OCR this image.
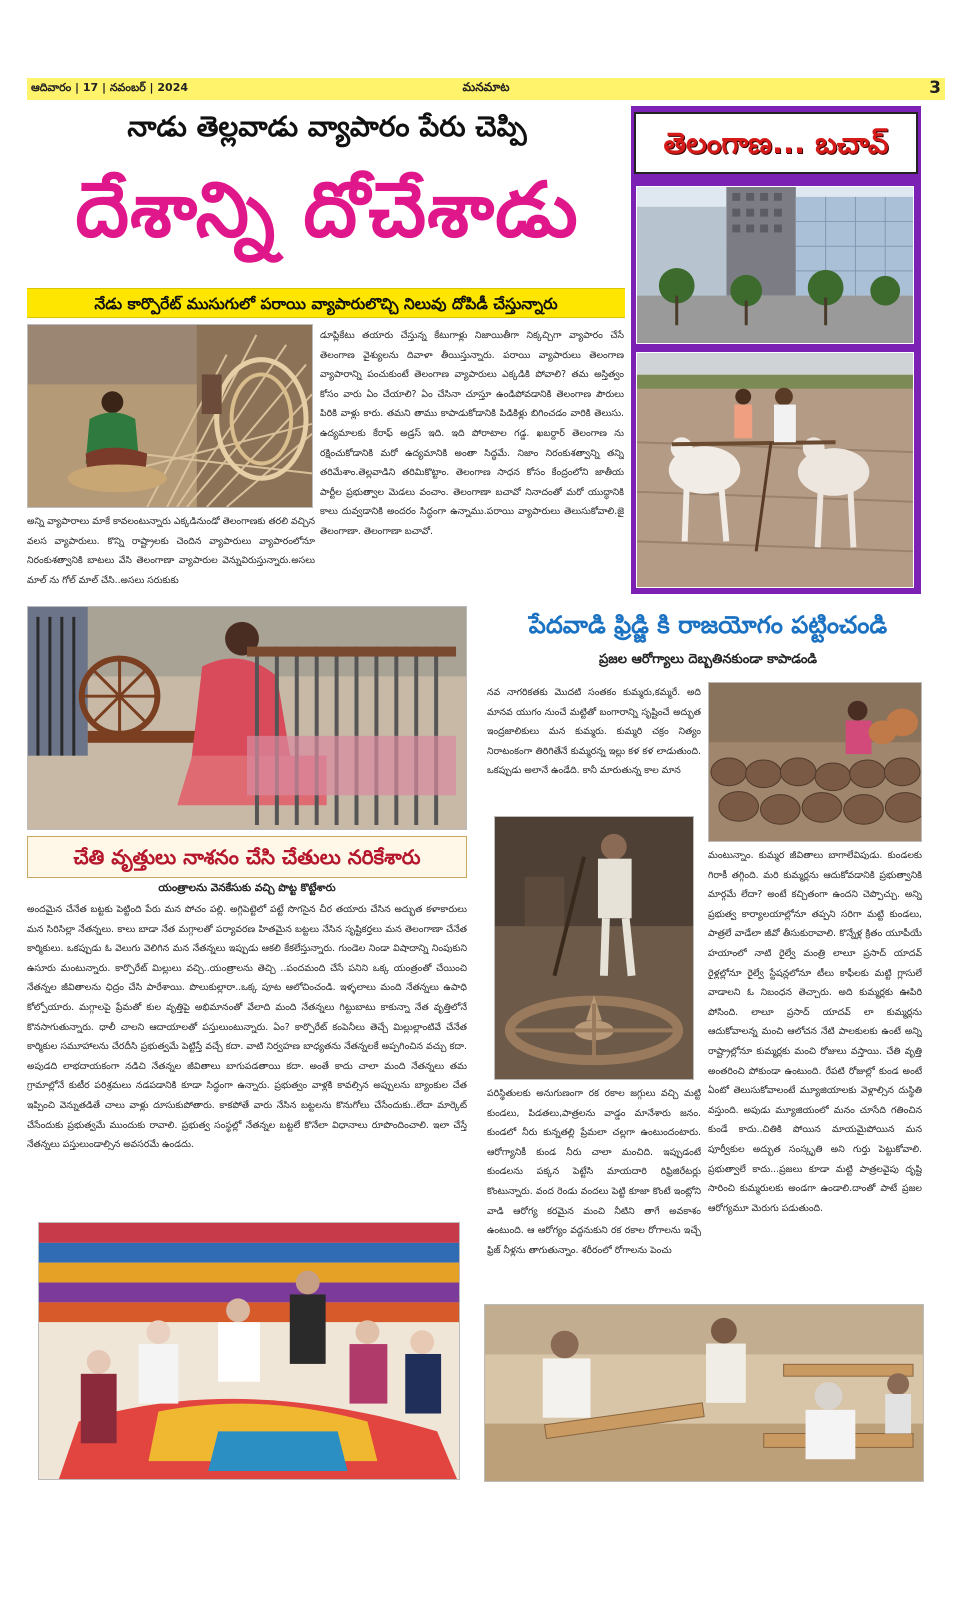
ఆదివారం | 17 | నవంబర్ | 2024	మనమాట	3
నాడు తెల్లవాడు వ్యాపారం పేరు చెప్పి
దేశాన్ని దోచేశాడు
నేడు కార్పొరేట్ ముసుగులో పరాయి వ్యాపారులొచ్చి నిలువు దోపిడీ చేస్తున్నారు

అన్ని వ్యాపారాలు మాకే కావలంటున్నారు ఎక్కడినుండో తెలంగాణకు తరలి వచ్చిన వలస వ్యాపారులు. కొన్ని రాష్ట్రాలకు చెందిన వ్యాపారులు వ్యాపారంలోనూ నిరంకుశత్వానికి బాటలు వేసి తెలంగాణా వ్యాపారుల వెన్నువిరుస్తున్నారు.అసలు మాల్ ను గోల్ మాల్ చేసి..అసలు సరుకుకు

డూప్లికేటు తయారు చేస్తున్న కేటుగాళ్లు నిజాయితీగా నిక్కచ్చిగా వ్యాపారం చేసే తెలంగాణ వైశ్యులను దివాళా తీయిస్తున్నారు. పరాయి వ్యాపారులు తెలంగాణ వ్యాపారాన్ని పంచుకుంటే తెలంగాణ వ్యాపారులు ఎక్కడికి పోవాలి? తమ అస్తిత్వం కోసం వారు ఏం చేయాలి? ఏం చేసినా చూస్తూ ఉండిపోవడానికి తెలంగాణ పౌరులు పిరికి వాళ్లు కారు. తమని తాము కాపాడుకోడానికి పిడికిళ్లు బిగించడం వారికి తెలుసు. ఉద్యమాలకు కేరాఫ్ అడ్రస్ ఇది. ఇది పోరాటాల గడ్డ. ఖబర్దార్ తెలంగాణ ను రక్షించుకోడానికి మరో ఉద్యమానికి అంతా సిద్ధమే. నిజాం నిరంకుశత్వాన్ని తన్ని తరిమేశాం.తెల్లవాడిని తరిమికొట్టాం. తెలంగాణ సాధన కోసం కేంద్రంలోని జాతీయ పార్టీల ప్రభుత్వాల మెడలు వంచాం. తెలంగాణా బచావో నినాదంతో మరో యుద్ధానికి కాలు దువ్వడానికి అందరం సిద్ధంగా ఉన్నాము.పరాయి వ్యాపారులు తెలుసుకోవాలి.జై తెలంగాణా. తెలంగాణా బచావో.

తెలంగాణ... బచావ్
చేతి వృత్తులు నాశనం చేసి చేతులు నరికేశారు
యంత్రాలను వెనకేసుకు వచ్చి పొట్ట కొట్టేశారు

అందమైన చేనేత బట్టకు పెట్టింది పేరు మన పోచం పల్లి. అగ్గిపెట్టెలో పట్టే సొగసైన చీర తయారు చేసిన అద్భుత కళాకారులు మన సిరిసిల్లా నేతన్నలు. కాలు బాడా నేత మగ్గాలతో పర్యావరణ హితమైన బట్టలు నేసిన సృష్టికర్తలు మన తెలంగాణా చేనేత కార్మికులు. ఒకప్పుడు ఓ వెలుగు వెలిగిన మన నేతన్నలు ఇప్పుడు ఆకలి కేకలేస్తున్నారు. గుండెల నిండా విషాదాన్ని నింపుకుని ఉసూరు మంటున్నారు. కార్పొరేట్ మిల్లులు వచ్చి..యంత్రాలను తెచ్చి ..పందమంది చేసే పనిని ఒక్క యంత్రంతో చేయించి నేతన్నల జీవితాలను ఛిద్రం చేసి పారేశాయి. పొలుకుల్లారా..ఒక్క పూట ఆలోచించండి. ఇళ్ళలాలు మంది నేతన్నలు ఉపాధి కోల్పోయారు. మగ్గాలపై ప్రేమతో కుల వృత్తిపై అభిమానంతో వేలాది మంది నేతన్నలు గిట్టుబాటు కాకున్నా నేత వృత్తిలోనే కొనసాగుతున్నారు. ధాలీ చాలని ఆదాయాలతో పస్తులుంటున్నారు. ఏం? కార్పొరేట్ కంపెనీలు తెచ్చే మిల్లుల్లాంటివే చేనేత కార్మికుల సమూహాలను చేరదీసి ప్రభుత్వమే పెట్టిస్తే వచ్చే కదా. వాటి నిర్వహణ బాధ్యతను నేతన్నలకే అప్పగించిన వచ్చు కదా. అపుడది లాభదాయకంగా నడిచి నేతన్నల జీవితాలు బాగుపడతాయి కదా. అంతే కాదు చాలా మంది నేతన్నలు తమ గ్రామాల్లోనే కుటీర పరిశ్రమలు నడపడానికి కూడా సిద్ధంగా ఉన్నారు. ప్రభుత్వం వాళ్లకి కావల్సిన అప్పులను బ్యాంకుల చేత ఇప్పించి వెన్నుతడితే చాలు వాళ్లు దూసుకుపోతారు. కాకపోతే వారు నేసిన బట్టలను కొనుగోలు చేసేందుకు..లేదా మార్కెట్ చేసేందుకు ప్రభుత్వమే ముందుకు రావాలి. ప్రభుత్వ సంస్థల్లో నేతన్నల బట్టలే కొనేలా విధానాలు రూపొందించాలి. ఇలా చేస్తే నేతన్నలు పస్తులుండాల్సిన అవసరమే ఉండదు.

పేదవాడి ఫ్రిడ్జి కి రాజయోగం పట్టించండి
ప్రజల ఆరోగ్యాలు దెబ్బతినకుండా కాపాడండి

నవ నాగరికతకు మొదటి సంతకం కుమ్మరు,కమ్మరే. అది మానవ యుగం నుంచే మట్టితో బంగారాన్ని సృష్టించే అద్భుత ఇంద్రజాలికులు మన కుమ్మరు. కుమ్మరి చక్రం నిత్యం నిరాటంకంగా తిరిగితేనే కుమ్మరన్న ఇల్లు కళ కళ లాడుతుంది. ఒకప్పుడు అలానే ఉండేది. కానీ మారుతున్న కాల మాన

మంటున్నాం. కుమ్మర జీవితాలు బాగాలేవిపుడు. కుండలకు గిరాకీ తగ్గింది. మరి కుమ్మర్లను ఆదుకోవడానికి ప్రభుత్వానికి మార్గమే లేదా? అంటే కచ్చితంగా ఉందని చెప్పొచ్చు. అన్ని ప్రభుత్వ కార్యాలయాల్లోనూ తప్పని సరిగా మట్టి కుండలు, పాత్రలే వాడేలా జీవో తీసుకురావాలి. కొన్నేళ్ల క్రితం యూపీయే హయాంలో నాటి రైల్వే మంత్రి లాలూ ప్రసాద్ యాదవ్ రైళ్లల్లోనూ రైల్వే స్టేషన్లలోనూ టీలు కాఫీలకు మట్టి గ్లాసులే వాడాలని ఓ నిబంధన తెచ్చారు. అది కుమ్మర్లకు ఊపిరి పోసింది. లాలూ ప్రసాద్ యాదవ్ లా కుమ్మర్లను ఆదుకోవాలన్న మంచి ఆలోచన నేటి పాలకులకు ఉంటే అన్ని రాష్ట్రాల్లోనూ కుమ్మర్లకు మంచి రోజులు వస్తాయి. చేతి వృత్తి అంతరించి పోకుండా ఉంటుంది. రేపటి రోజుల్లో కుండ అంటే ఏంటో తెలుసుకోవాలంటే మ్యూజియాలకు వెళ్లాల్సిన దుస్థితి వస్తుంది. అపుడు మ్యూజియంలో మనం చూసేది గతించిన కుండే కాదు..చితికి పోయిన మాయమైపోయిన మన పూర్వీకుల అద్భుత సంస్కృతి అని గుర్తు పెట్టుకోవాలి. ప్రభుత్వాలే కాదు...ప్రజలు కూడా మట్టి పాత్రలవైపు దృష్టి సారించి కుమ్మరులకు అండగా ఉండాలి.దాంతో పాటే ప్రజల ఆరోగ్యమూ మెరుగు పడుతుంది.

పరిస్థితులకు అనుగుణంగా రక రకాల జగ్గులు వచ్చి మట్టి కుండలు, పిడతలు,పాత్రలను వాడ్డం మానేశారు జనం. కుండలో నీరు కున్నతల్లి ప్రేమలా చల్లగా ఉంటుందంటారు. ఆరోగ్యానికీ కుండ నీరు చాలా మంచిది. ఇప్పుడంటే కుండలను పక్కన పెట్టేసి మాయదారి రిఫ్రిజిరేటర్లు కొంటున్నారు. వంద రెండు వందలు పెట్టి కూజా కొంటే ఇంట్లోని వాడి ఆరోగ్య కరమైన మంచి నీటిని తాగే అవకాశం ఉంటుంది. ఆ ఆరోగ్యం వద్దనుకుని రక రకాల రోగాలను ఇచ్చే ఫ్రిజ్ నీళ్లను తాగుతున్నాం. శరీరంలో రోగాలను పెంచు
